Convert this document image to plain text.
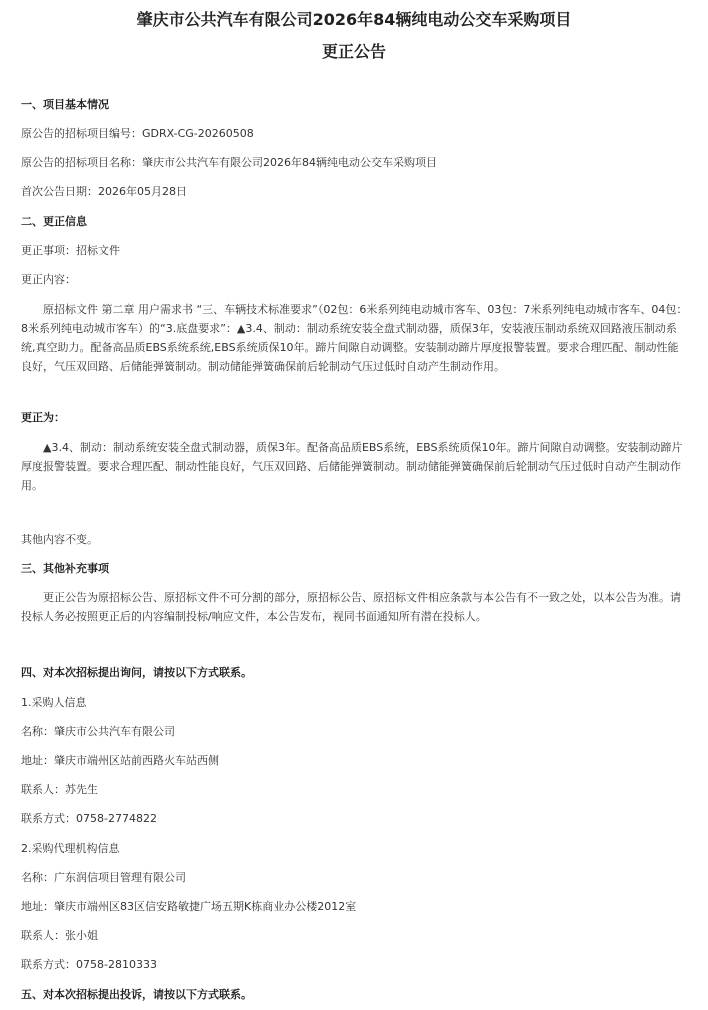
肇庆市公共汽车有限公司2026年84辆纯电动公交车采购项目
更正公告
一、项目基本情况
原公告的招标项目编号：GDRX-CG-20260508
原公告的招标项目名称：肇庆市公共汽车有限公司2026年84辆纯电动公交车采购项目
首次公告日期：2026年05月28日
二、更正信息
更正事项：招标文件
更正内容：
原招标文件 第二章 用户需求书 “三、车辆技术标准要求”（02包：6米系列纯电动城市客车、03包：7米系列纯电动城市客车、04包：8米系列纯电动城市客车）的“3.底盘要求”：▲3.4、制动：制动系统安装全盘式制动器，质保3年，安装液压制动系统双回路液压制动系统,真空助力。配备高品质EBS系统系统,EBS系统质保10年。蹄片间隙自动调整。安装制动蹄片厚度报警装置。要求合理匹配、制动性能良好，气压双回路、后储能弹簧制动。制动储能弹簧确保前后轮制动气压过低时自动产生制动作用。
更正为：
▲3.4、制动：制动系统安装全盘式制动器，质保3年。配备高品质EBS系统，EBS系统质保10年。蹄片间隙自动调整。安装制动蹄片厚度报警装置。要求合理匹配、制动性能良好，气压双回路、后储能弹簧制动。制动储能弹簧确保前后轮制动气压过低时自动产生制动作用。
其他内容不变。
三、其他补充事项
更正公告为原招标公告、原招标文件不可分割的部分，原招标公告、原招标文件相应条款与本公告有不一致之处，以本公告为准。请投标人务必按照更正后的内容编制投标/响应文件，本公告发布，视同书面通知所有潜在投标人。
四、对本次招标提出询问，请按以下方式联系。
1.采购人信息
名称：肇庆市公共汽车有限公司
地址：肇庆市端州区站前西路火车站西侧
联系人：苏先生
联系方式：0758-2774822
2.采购代理机构信息
名称：广东润信项目管理有限公司
地址：肇庆市端州区83区信安路敏捷广场五期K栋商业办公楼2012室
联系人：张小姐
联系方式：0758-2810333
五、对本次招标提出投诉，请按以下方式联系。
